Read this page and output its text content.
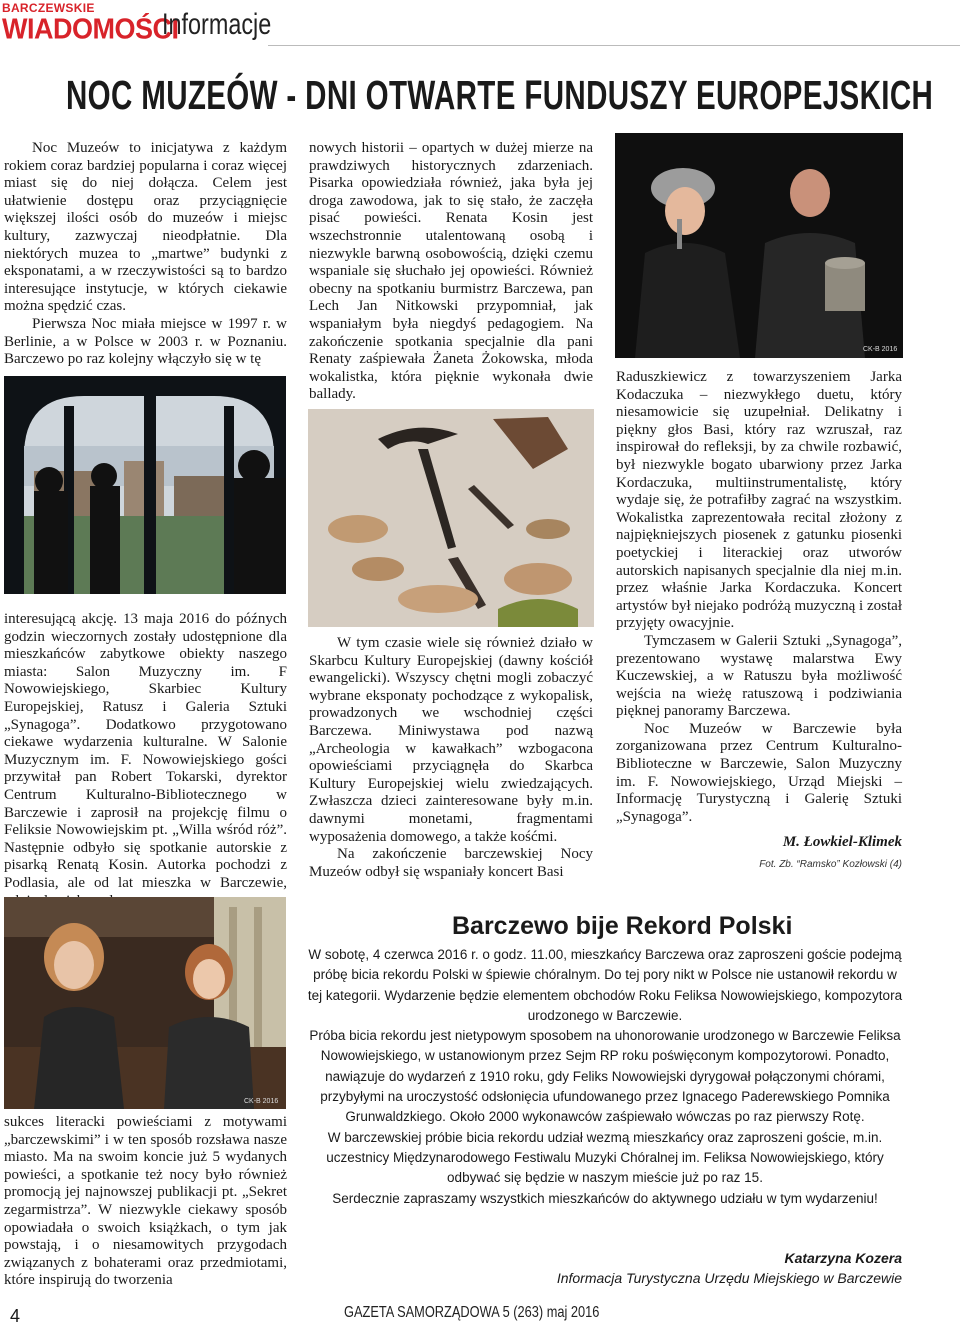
BARCZEWSKIE
WIADOMOŚCI
Informacje
NOC MUZEÓW - DNI OTWARTE FUNDUSZY EUROPEJSKICH

Noc Muzeów to inicjatywa z każdym rokiem coraz bardziej popularna i coraz więcej miast się do niej dołącza. Celem jest ułatwienie dostępu oraz przyciągnięcie większej ilości osób do muzeów i miejsc kultury, zazwyczaj nieodpłatnie. Dla niektórych muzea to „martwe” budynki z eksponatami, a w rzeczywistości są to bardzo interesujące instytucje, w których ciekawie można spędzić czas.

Pierwsza Noc miała miejsce w 1997 r. w Berlinie, a w Polsce w 2003 r. w Poznaniu. Barczewo po raz kolejny włączyło się w tę

interesującą akcję. 13 maja 2016 do późnych godzin wieczornych zostały udostępnione dla mieszkańców zabytkowe obiekty naszego miasta: Salon Muzyczny im. F Nowowiejskiego, Skarbiec Kultury Europejskiej, Ratusz i Galeria Sztuki „Synagoga”. Dodatkowo przygotowano ciekawe wydarzenia kulturalne. W Salonie Muzycznym im. F. Nowowiejskiego gości przywitał pan Robert Tokarski, dyrektor Centrum Kulturalno-Bibliotecznego w Barczewie i zaprosił na projekcję filmu o Feliksie Nowowiejskim pt. „Willa wśród róż”. Następnie odbyło się spotkanie autorskie z pisarką Renatą Kosin. Autorka pochodzi z Podlasia, ale od lat mieszka w Barczewie,

CK-B 2016

sukces literacki powieściami z motywami „barczewskimi” i w ten sposób rozsława nasze miasto. Ma na swoim koncie już 5 wydanych powieści, a spotkanie też nocy było również promocją jej najnowszej publikacji pt. „Sekret zegarmistrza”. W niezwykle ciekawy sposób opowiadała o swoich książkach, o tym jak powstają, i o niesamowitych przygodach związanych z bohaterami oraz przedmiotami, które inspirują do tworzenia

nowych historii – opartych w dużej mierze na prawdziwych historycznych zdarzeniach. Pisarka opowiedziała również, jaka była jej droga zawodowa, jak to się stało, że zaczęła pisać powieści. Renata Kosin jest wszechstronnie utalentowaną osobą i niezwykle barwną osobowością, dzięki czemu wspaniale się słuchało jej opowieści. Również obecny na spotkaniu burmistrz Barczewa, pan Lech Jan Nitkowski przypomniał, jak wspaniałym była niegdyś pedagogiem. Na zakończenie spotkania specjalnie dla pani Renaty zaśpiewała Żaneta Żokowska, młoda wokalistka, która pięknie wykonała dwie ballady.

W tym czasie wiele się również działo w Skarbcu Kultury Europejskiej (dawny kościół ewangelicki). Wszyscy chętni mogli zobaczyć wybrane eksponaty pochodzące z wykopalisk, prowadzonych we wschodniej części Barczewa. Miniwystawa pod nazwą „Archeologia w kawałkach” wzbogacona opowieściami przyciągnęła do Skarbca Kultury Europejskiej wielu zwiedzających. Zwłaszcza dzieci zainteresowane były m.in. dawnymi monetami, fragmentami wyposażenia domowego, a także kośćmi.

Na zakończenie barczewskiej Nocy Muzeów odbył się wspaniały koncert Basi

CK-B 2016

Raduszkiewicz z towarzyszeniem Jarka Kodaczuka – niezwykłego duetu, który niesamowicie się uzupełniał. Delikatny i piękny głos Basi, który raz wzruszał, raz inspirował do refleksji, by za chwile rozbawić, był niezwykle bogato ubarwiony przez Jarka Kordaczuka, multiinstrumentalistę, który wydaje się, że potrafiłby zagrać na wszystkim. Wokalistka zaprezentowała recital złożony z najpiękniejszych piosenek z gatunku piosenki poetyckiej i literackiej oraz utworów autorskich napisanych specjalnie dla niej m.in. przez właśnie Jarka Kordaczuka. Koncert artystów był niejako podróżą muzyczną i został przyjęty owacyjnie.

Tymczasem w Galerii Sztuki „Synagoga”, prezentowano wystawę malarstwa Ewy Kuczewskiej, a w Ratuszu była możliwość wejścia na wieżę ratuszową i podziwiania pięknej panoramy Barczewa.

Noc Muzeów w Barczewie była zorganizowana przez Centrum Kulturalno-Biblioteczne w Barczewie, Salon Muzyczny im. F. Nowowiejskiego, Urząd Miejski – Informację Turystyczną i Galerię Sztuki „Synagoga”.

M. Łowkiel-Klimek
Fot. Zb. “Ramsko” Kozłowski (4)
Barczewo bije Rekord Polski

W sobotę, 4 czerwca 2016 r. o godz. 11.00, mieszkańcy Barczewa oraz zaproszeni goście podejmą próbę bicia rekordu Polski w śpiewie chóralnym. Do tej pory nikt w Polsce nie ustanowił rekordu w tej kategorii. Wydarzenie będzie elementem obchodów Roku Feliksa Nowowiejskiego, kompozytora urodzonego w Barczewie.

Próba bicia rekordu jest nietypowym sposobem na uhonorowanie urodzonego w Barczewie Feliksa Nowowiejskiego, w ustanowionym przez Sejm RP roku poświęconym kompozytorowi. Ponadto, nawiązuje do wydarzeń z 1910 roku, gdy Feliks Nowowiejski dyrygował połączonymi chórami, przybyłymi na uroczystość odsłonięcia ufundowanego przez Ignacego Paderewskiego Pomnika Grunwaldzkiego. Około 2000 wykonawców zaśpiewało wówczas po raz pierwszy Rotę.

W barczewskiej próbie bicia rekordu udział wezmą mieszkańcy oraz zaproszeni goście, m.in. uczestnicy Międzynarodowego Festiwalu Muzyki Chóralnej im. Feliksa Nowowiejskiego, który odbywać się będzie w naszym mieście już po raz 15.

Serdecznie zapraszamy wszystkich mieszkańców do aktywnego udziału w tym wydarzeniu!

Katarzyna Kozera
Informacja Turystyczna Urzędu Miejskiego w Barczewie
4	GAZETA SAMORZĄDOWA 5 (263) maj 2016
